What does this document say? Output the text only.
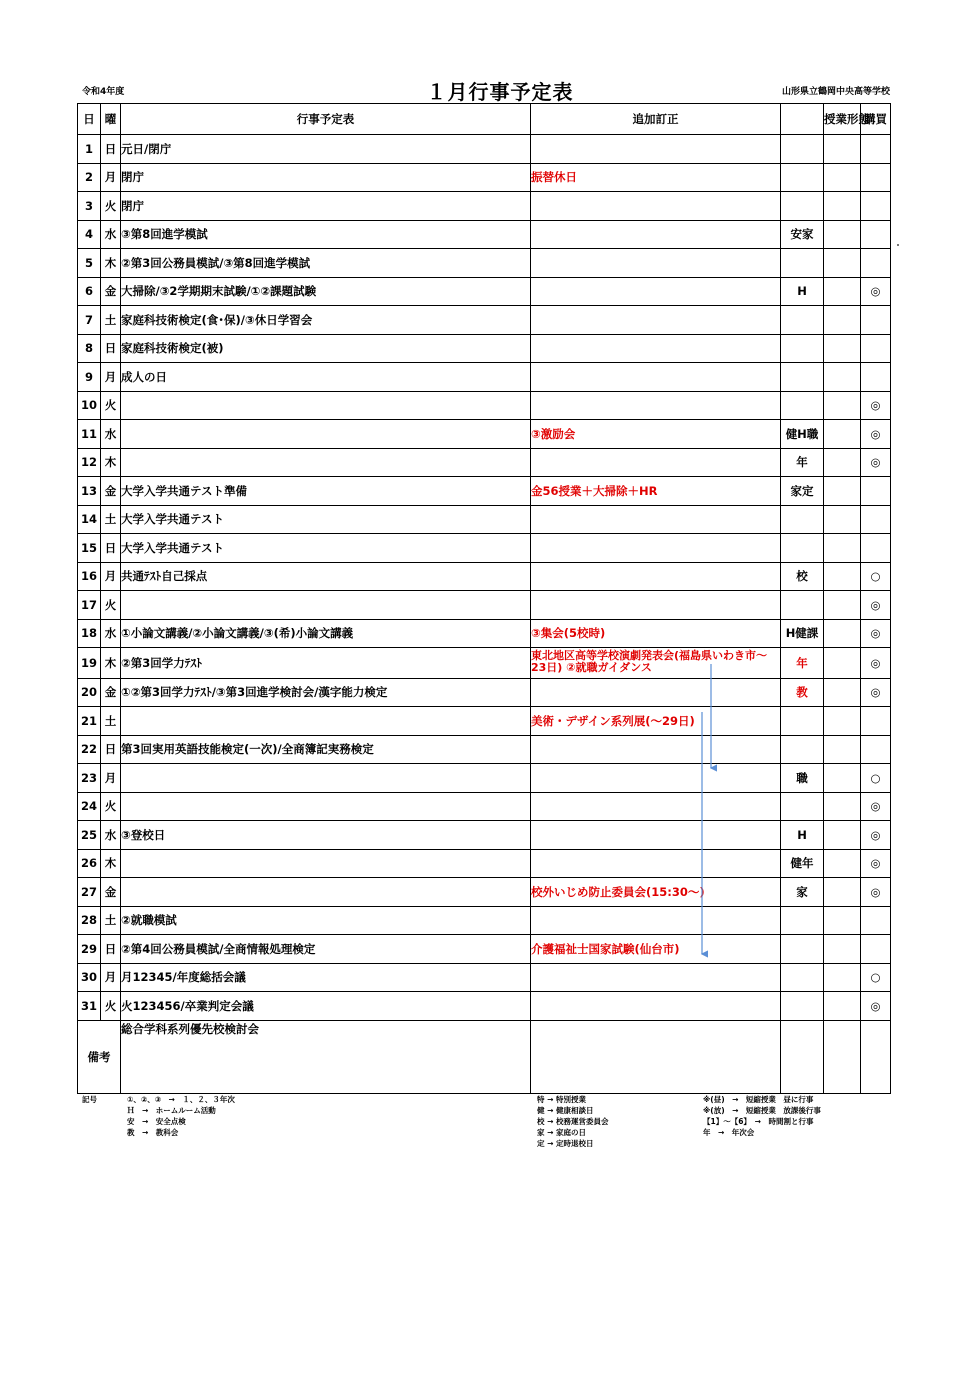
令和4年度	１月行事予定表	山形県立鶴岡中央高等学校
日	曜	行事予定表	追加訂正		授業形態	購買
1	日	元日/閉庁				
2	月	閉庁	振替休日			
3	火	閉庁				
4	水	③第8回進学模試		安家		
5	木	②第3回公務員模試/③第8回進学模試				
6	金	大掃除/③2学期期末試験/①②課題試験		H		◎
7	土	家庭科技術検定(食･保)/③休日学習会				
8	日	家庭科技術検定(被)				
9	月	成人の日				
10	火					◎
11	水		③激励会	健H職		◎
12	木			年		◎
13	金	大学入学共通テスト準備	金56授業＋大掃除＋HR	家定		
14	土	大学入学共通テスト				
15	日	大学入学共通テスト				
16	月	共通ﾃｽﾄ自己採点		校		○
17	火					◎
18	水	①小論文講義/②小論文講義/③(希)小論文講義	③集会(5校時)	H健課		◎
19	木	②第3回学力ﾃｽﾄ	東北地区高等学校演劇発表会(福島県いわき市～23日) ②就職ガイダンス	年		◎
20	金	①②第3回学力ﾃｽﾄ/③第3回進学検討会/漢字能力検定		教		◎
21	土		美術・デザイン系列展(～29日)			
22	日	第3回実用英語技能検定(一次)/全商簿記実務検定				
23	月			職		○
24	火					◎
25	水	③登校日		H		◎
26	木			健年		◎
27	金		校外いじめ防止委員会(15:30～)	家		◎
28	土	②就職模試				
29	日	②第4回公務員模試/全商情報処理検定	介護福祉士国家試験(仙台市)			
30	月	月12345/年度総括会議				○
31	火	火123456/卒業判定会議				◎
備考		総合学科系列優先校検討会				
記号	①、②、③　→　１、２、３年次
Ｈ　→　ホームルーム活動
安　→　安全点検
教　→　教科会
特 → 特別授業
健 → 健康相談日
校 → 校務運営委員会
家 → 家庭の日
定 → 定時退校日
※(昼)　→　短縮授業　昼に行事
※(放)　→　短縮授業　放課後行事
【1】～【6】　→　時間割と行事
年　→　年次会
